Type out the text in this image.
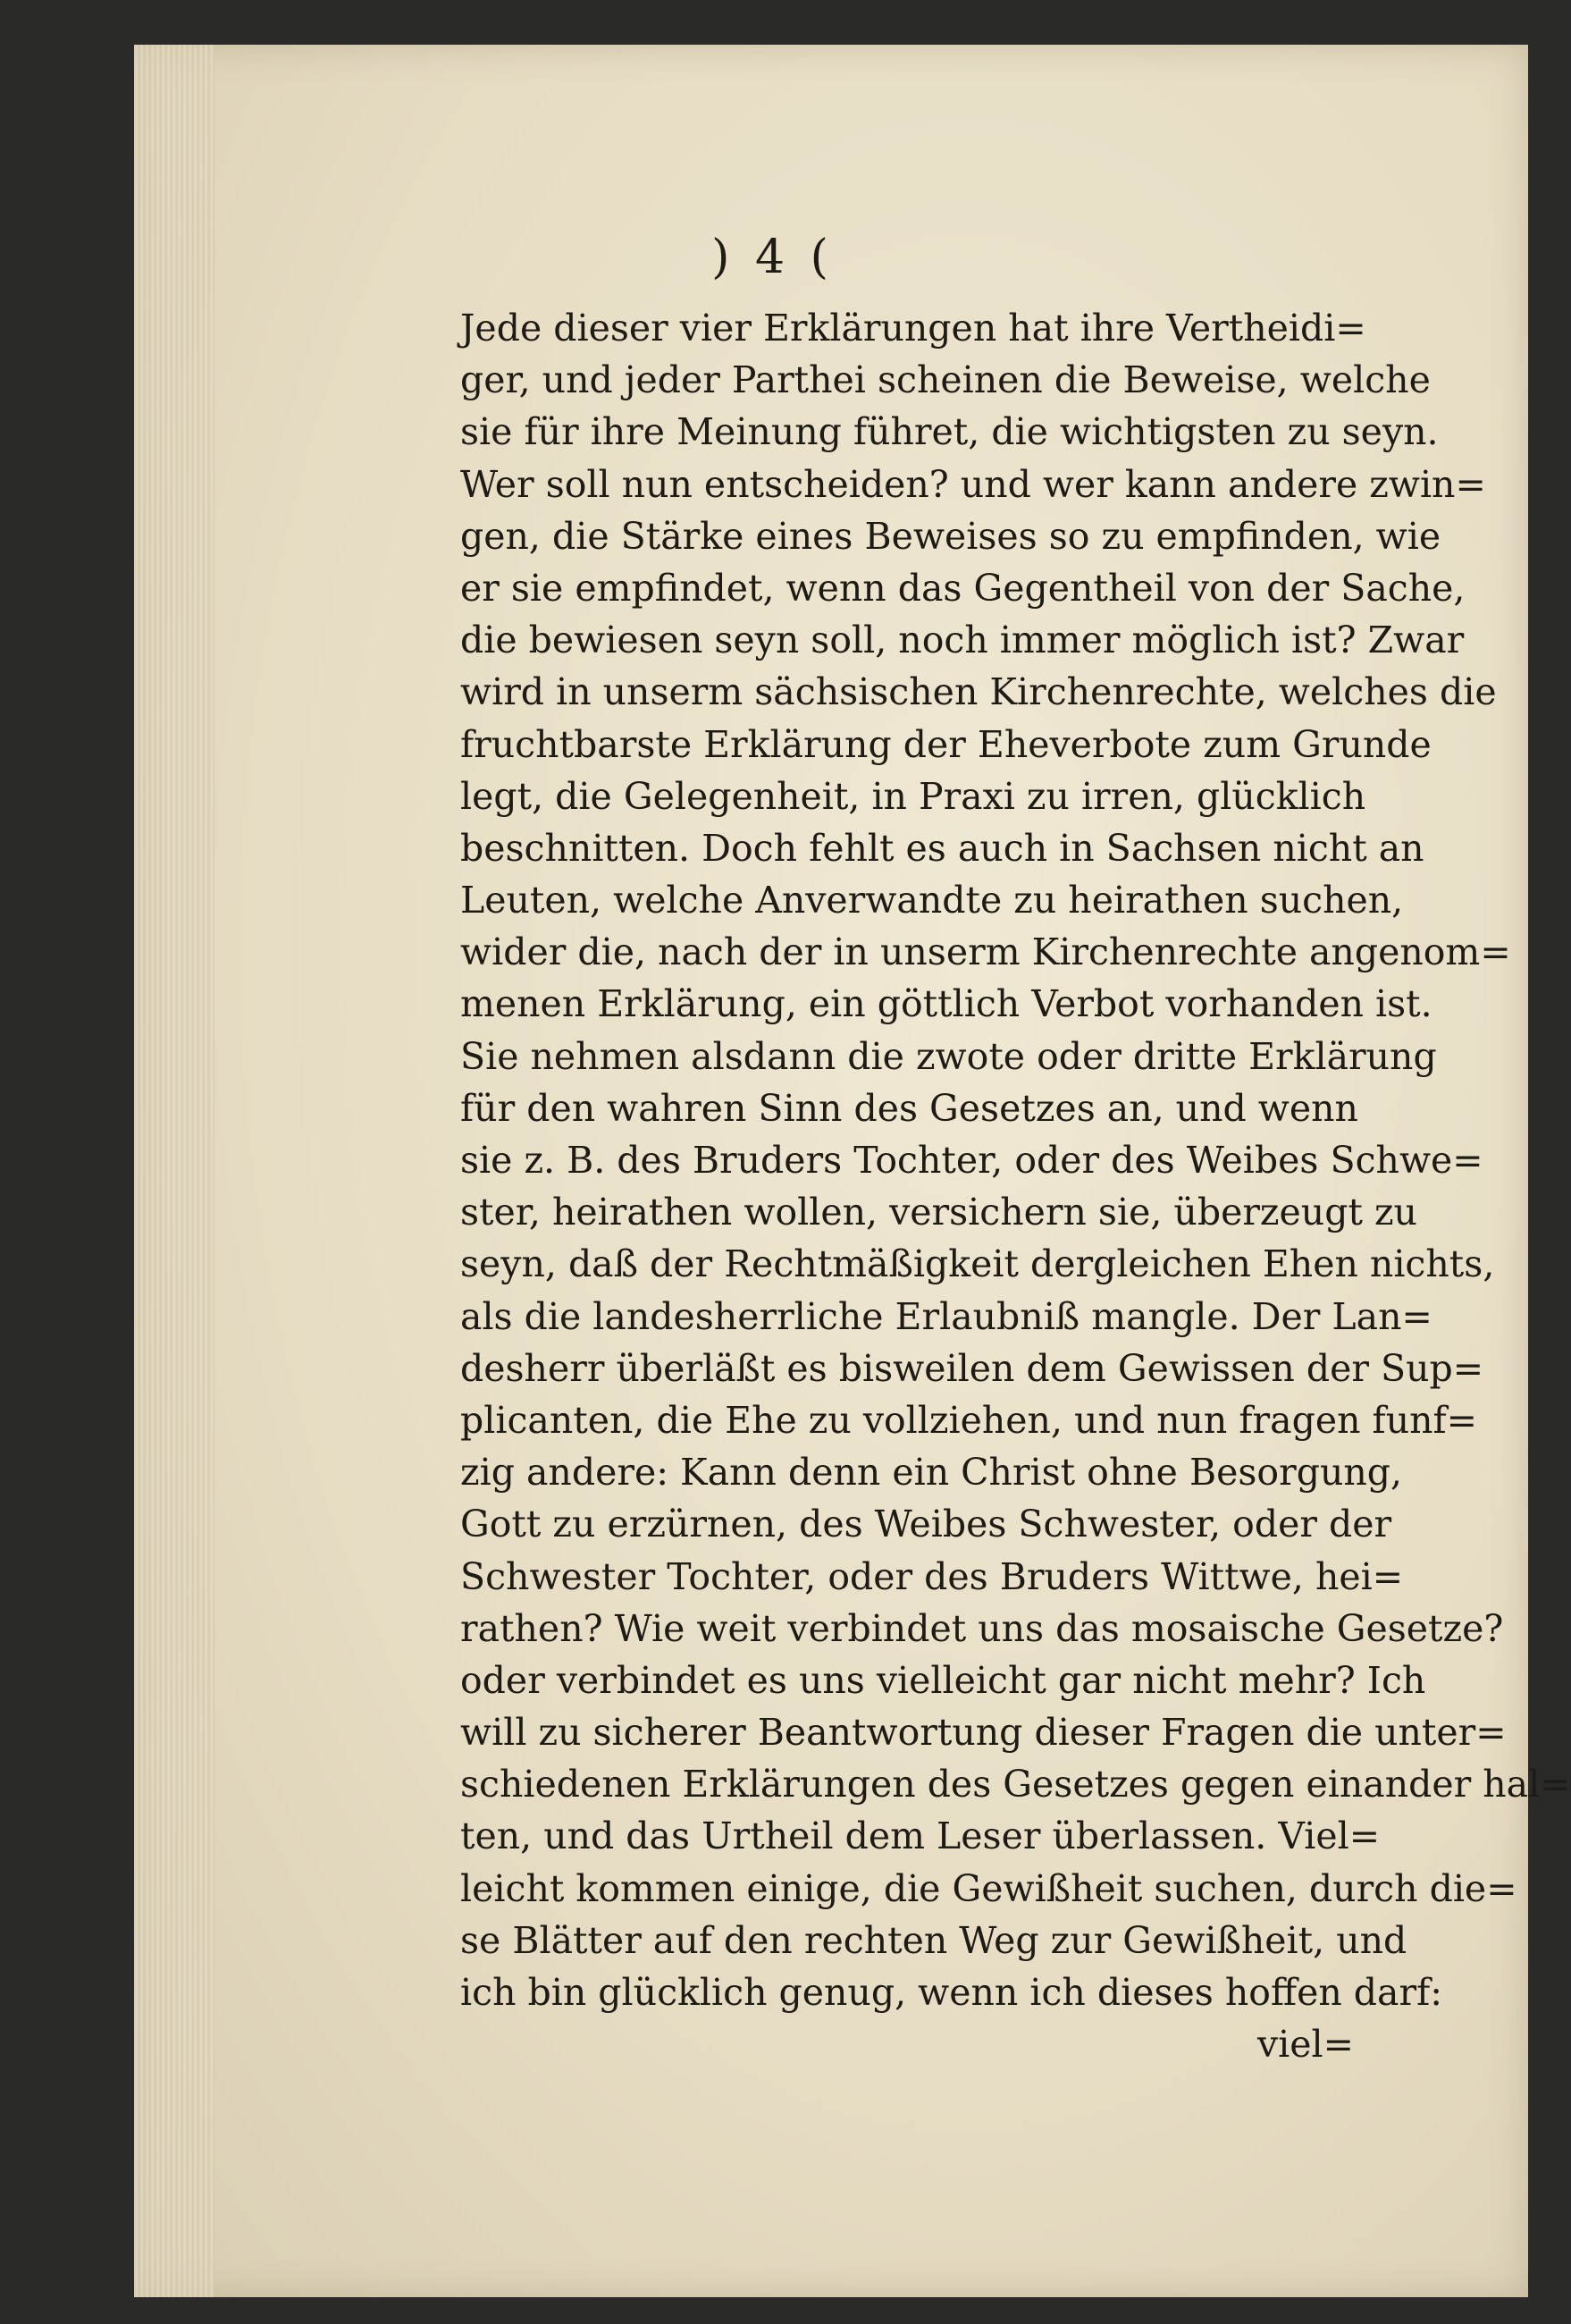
) 4 (
Jede dieser vier Erklärungen hat ihre Vertheidi=
ger, und jeder Parthei scheinen die Beweise, welche
sie für ihre Meinung führet, die wichtigsten zu seyn.
Wer soll nun entscheiden? und wer kann andere zwin=
gen, die Stärke eines Beweises so zu empfinden, wie
er sie empfindet, wenn das Gegentheil von der Sache,
die bewiesen seyn soll, noch immer möglich ist? Zwar
wird in unserm sächsischen Kirchenrechte, welches die
fruchtbarste Erklärung der Eheverbote zum Grunde
legt, die Gelegenheit, in Praxi zu irren, glücklich
beschnitten. Doch fehlt es auch in Sachsen nicht an
Leuten, welche Anverwandte zu heirathen suchen,
wider die, nach der in unserm Kirchenrechte angenom=
menen Erklärung, ein göttlich Verbot vorhanden ist.
Sie nehmen alsdann die zwote oder dritte Erklärung
für den wahren Sinn des Gesetzes an, und wenn
sie z. B. des Bruders Tochter, oder des Weibes Schwe=
ster, heirathen wollen, versichern sie, überzeugt zu
seyn, daß der Rechtmäßigkeit dergleichen Ehen nichts,
als die landesherrliche Erlaubniß mangle. Der Lan=
desherr überläßt es bisweilen dem Gewissen der Sup=
plicanten, die Ehe zu vollziehen, und nun fragen funf=
zig andere: Kann denn ein Christ ohne Besorgung,
Gott zu erzürnen, des Weibes Schwester, oder der
Schwester Tochter, oder des Bruders Wittwe, hei=
rathen? Wie weit verbindet uns das mosaische Gesetze?
oder verbindet es uns vielleicht gar nicht mehr? Ich
will zu sicherer Beantwortung dieser Fragen die unter=
schiedenen Erklärungen des Gesetzes gegen einander hal=
ten, und das Urtheil dem Leser überlassen. Viel=
leicht kommen einige, die Gewißheit suchen, durch die=
se Blätter auf den rechten Weg zur Gewißheit, und
ich bin glücklich genug, wenn ich dieses hoffen darf:
viel=
